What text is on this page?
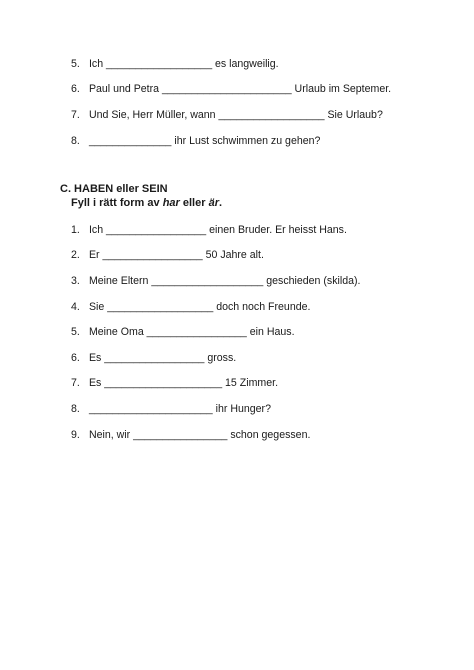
5. Ich __________________ es langweilig.
6. Paul und Petra ______________________ Urlaub im Septemer.
7. Und Sie, Herr Müller, wann __________________ Sie Urlaub?
8. ______________ ihr Lust schwimmen zu gehen?
C. HABEN eller SEIN
Fyll i rätt form av har eller är.
1. Ich _________________ einen Bruder. Er heisst Hans.
2. Er _________________ 50 Jahre alt.
3. Meine Eltern ___________________ geschieden (skilda).
4. Sie __________________ doch noch Freunde.
5. Meine Oma _________________ ein Haus.
6. Es _________________ gross.
7. Es ____________________ 15 Zimmer.
8. _____________________ ihr Hunger?
9. Nein, wir ________________ schon gegessen.
